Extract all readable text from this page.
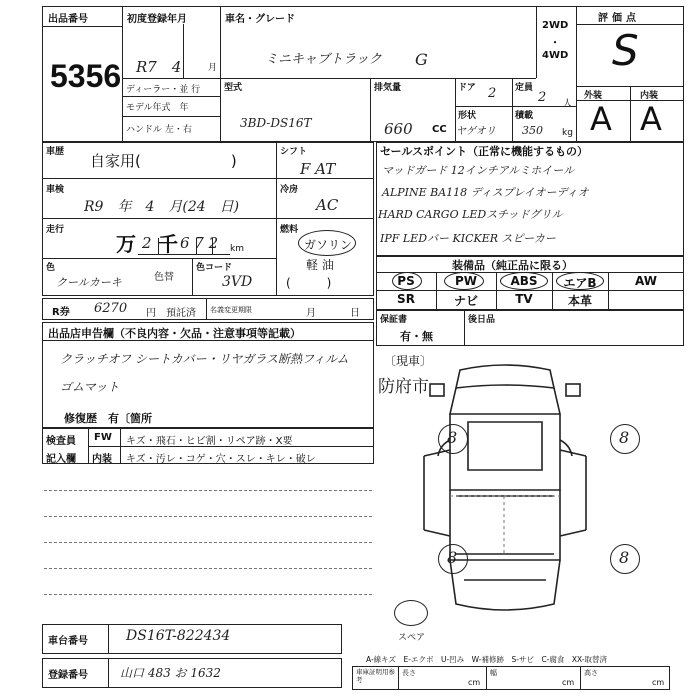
出品番号
5356
初度登録年月
R7　4	月
ディーラー・並 行
モデル年式　年
ハンドル 左・右
車名・グレード
ミニキャブトラック G
型式
3BD-DS16T
2WD
・
4WD
排気量
660 CC
ドア 2 定員
2 人
形状
ヤゲオリ
積載
350 kg
評価点
S
外装	内装
A A
車歴 自家用(　　　　　　)	シフト
F AT
車検
R9　年　4　月(24　日)
冷房
AC
走行
万 2 千 6 7 2 km
燃料
ガソリン
軽 油
(　　　)
色
クールカーキ	色替
色コード
3VD
R券 6270 円 預託済 名義変更期限	月	日
セールスポイント（正常に機能するもの）
マッドガード 12インチアルミホイール
ALPINE BA118 ディスプレイオーディオ
HARD CARGO LEDスチッドグリル
IPF LEDバー KICKER スピーカー
装備品（純正品に限る）
PS	PW	ABS	エアB	AW
SR	ナビ	TV	本革
保証書
有・無
後日品
出品店申告欄（不良内容・欠品・注意事項等記載）
クラッチオフ シートカバー・リヤガラス断熱フィルム
ゴムマット
修復歴　有〔箇所
検査員
記入欄
FW キズ・飛石・ヒビ割・リペア跡・X要
内装 キズ・汚レ・コゲ・穴・スレ・キレ・破レ
〔現車〕
防府市
8	8
8	8
スペア
車台番号	DS16T-822434
登録番号	山口 483 お 1632
A-線キズ　E-エクボ　U-凹み　W-補修跡　S-サビ　C-腐食　XX-取替済
車庫証明用参考
長さ
cm
幅
cm
高さ
cm
